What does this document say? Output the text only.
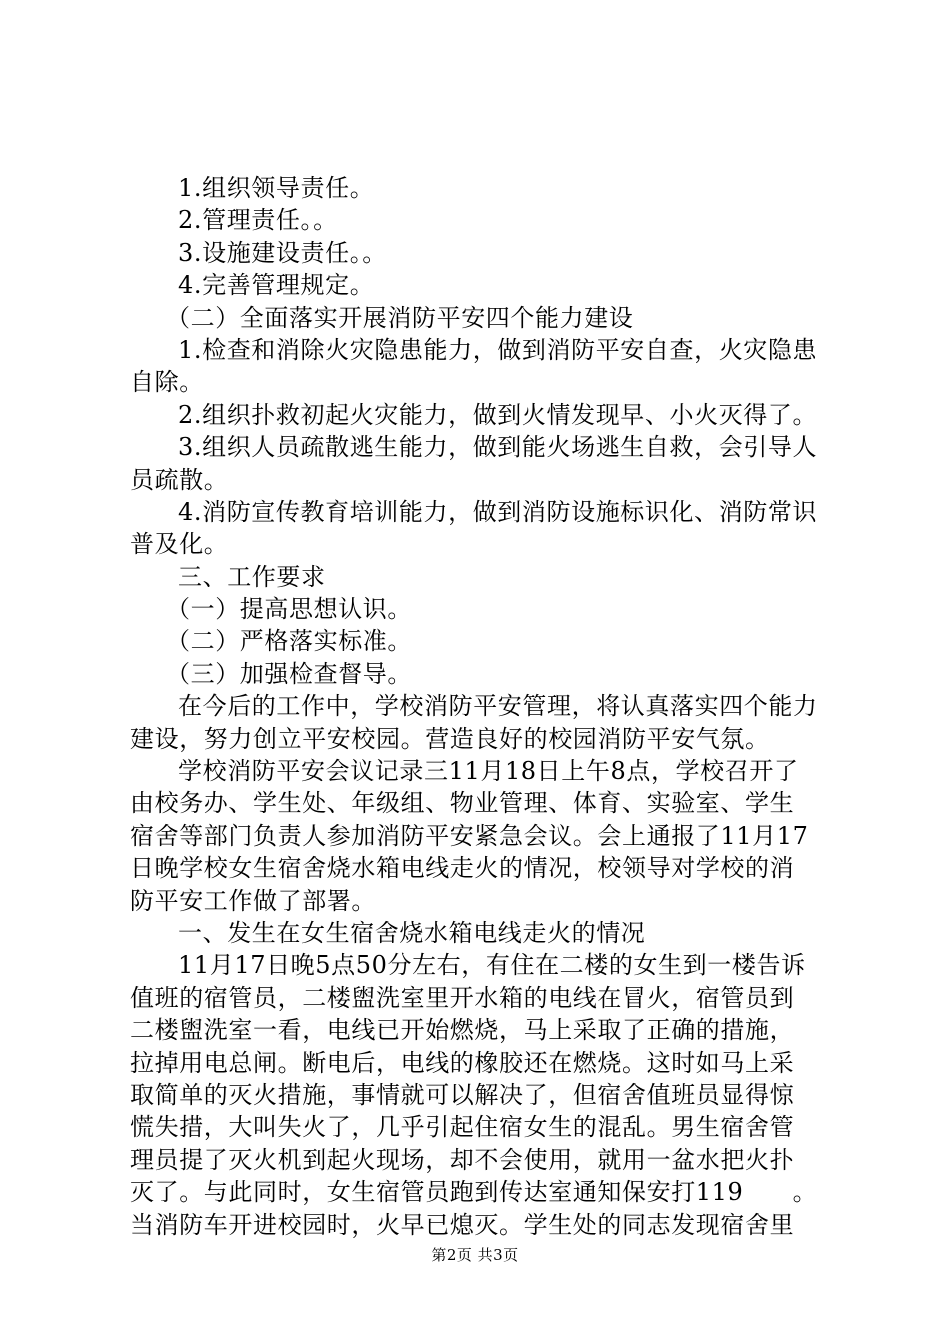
1.组织领导责任。
2.管理责任。。
3.设施建设责任。。
4.完善管理规定。
（二）全面落实开展消防平安四个能力建设
1.检查和消除火灾隐患能力，做到消防平安自查，火灾隐患
自除。
2.组织扑救初起火灾能力，做到火情发现早、小火灭得了。
3.组织人员疏散逃生能力，做到能火场逃生自救，会引导人
员疏散。
4.消防宣传教育培训能力，做到消防设施标识化、消防常识
普及化。
三、工作要求
（一）提高思想认识。
（二）严格落实标准。
（三）加强检查督导。
在今后的工作中，学校消防平安管理，将认真落实四个能力
建设，努力创立平安校园。营造良好的校园消防平安气氛。
学校消防平安会议记录三11月18日上午8点，学校召开了
由校务办、学生处、年级组、物业管理、体育、实验室、学生
宿舍等部门负责人参加消防平安紧急会议。会上通报了11月17
日晚学校女生宿舍烧水箱电线走火的情况，校领导对学校的消
防平安工作做了部署。
一、发生在女生宿舍烧水箱电线走火的情况
11月17日晚5点50分左右，有住在二楼的女生到一楼告诉
值班的宿管员，二楼盥洗室里开水箱的电线在冒火，宿管员到
二楼盥洗室一看，电线已开始燃烧，马上采取了正确的措施，
拉掉用电总闸。断电后，电线的橡胶还在燃烧。这时如马上采
取简单的灭火措施，事情就可以解决了，但宿舍值班员显得惊
慌失措，大叫失火了，几乎引起住宿女生的混乱。男生宿舍管
理员提了灭火机到起火现场，却不会使用，就用一盆水把火扑
灭了。与此同时，女生宿管员跑到传达室通知保安打119　　。
当消防车开进校园时，火早已熄灭。学生处的同志发现宿舍里
第2页 共3页
